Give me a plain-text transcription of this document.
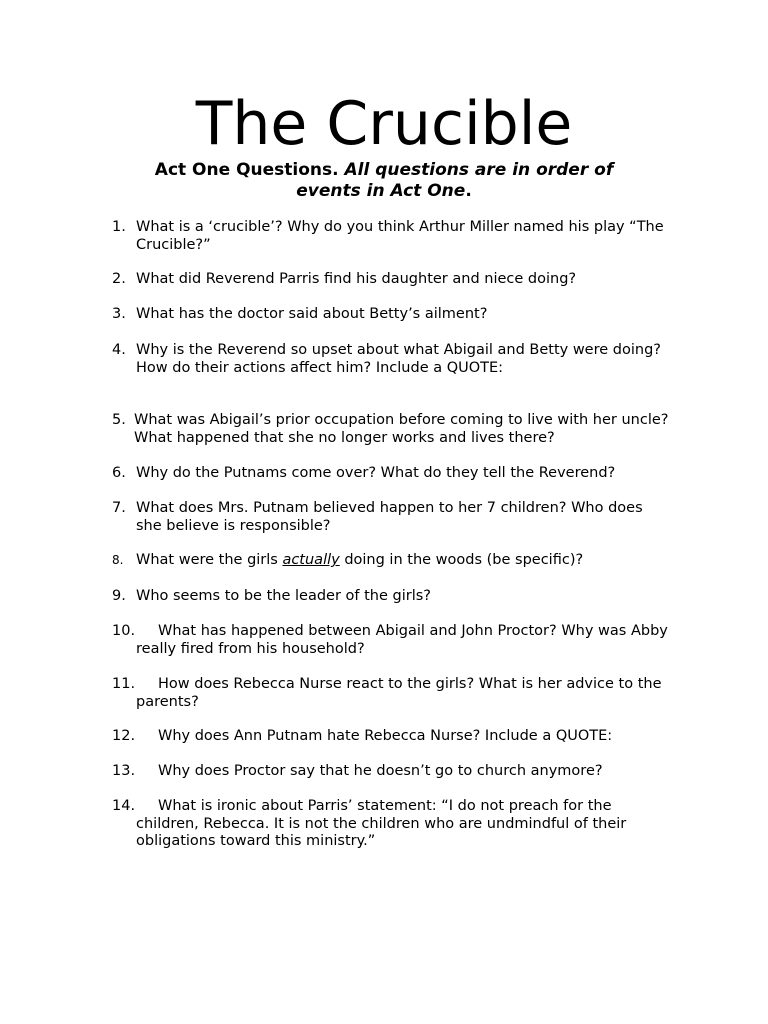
The Crucible

Act One Questions. All questions are in order of events in Act One.

1. What is a ‘crucible’? Why do you think Arthur Miller named his play “The Crucible?”
2. What did Reverend Parris find his daughter and niece doing?
3. What has the doctor said about Betty’s ailment?
4. Why is the Reverend so upset about what Abigail and Betty were doing? How do their actions affect him? Include a QUOTE:
5. What was Abigail’s prior occupation before coming to live with her uncle? What happened that she no longer works and lives there?
6. Why do the Putnams come over? What do they tell the Reverend?
7. What does Mrs. Putnam believed happen to her 7 children? Who does she believe is responsible?
8. What were the girls actually doing in the woods (be specific)?
9. Who seems to be the leader of the girls?
10.	What has happened between Abigail and John Proctor? Why was Abby really fired from his household?
11.	How does Rebecca Nurse react to the girls? What is her advice to the parents?
12.	Why does Ann Putnam hate Rebecca Nurse? Include a QUOTE:
13.	Why does Proctor say that he doesn’t go to church anymore?
14.	What is ironic about Parris’ statement: “I do not preach for the children, Rebecca. It is not the children who are undmindful of their obligations toward this ministry.”
